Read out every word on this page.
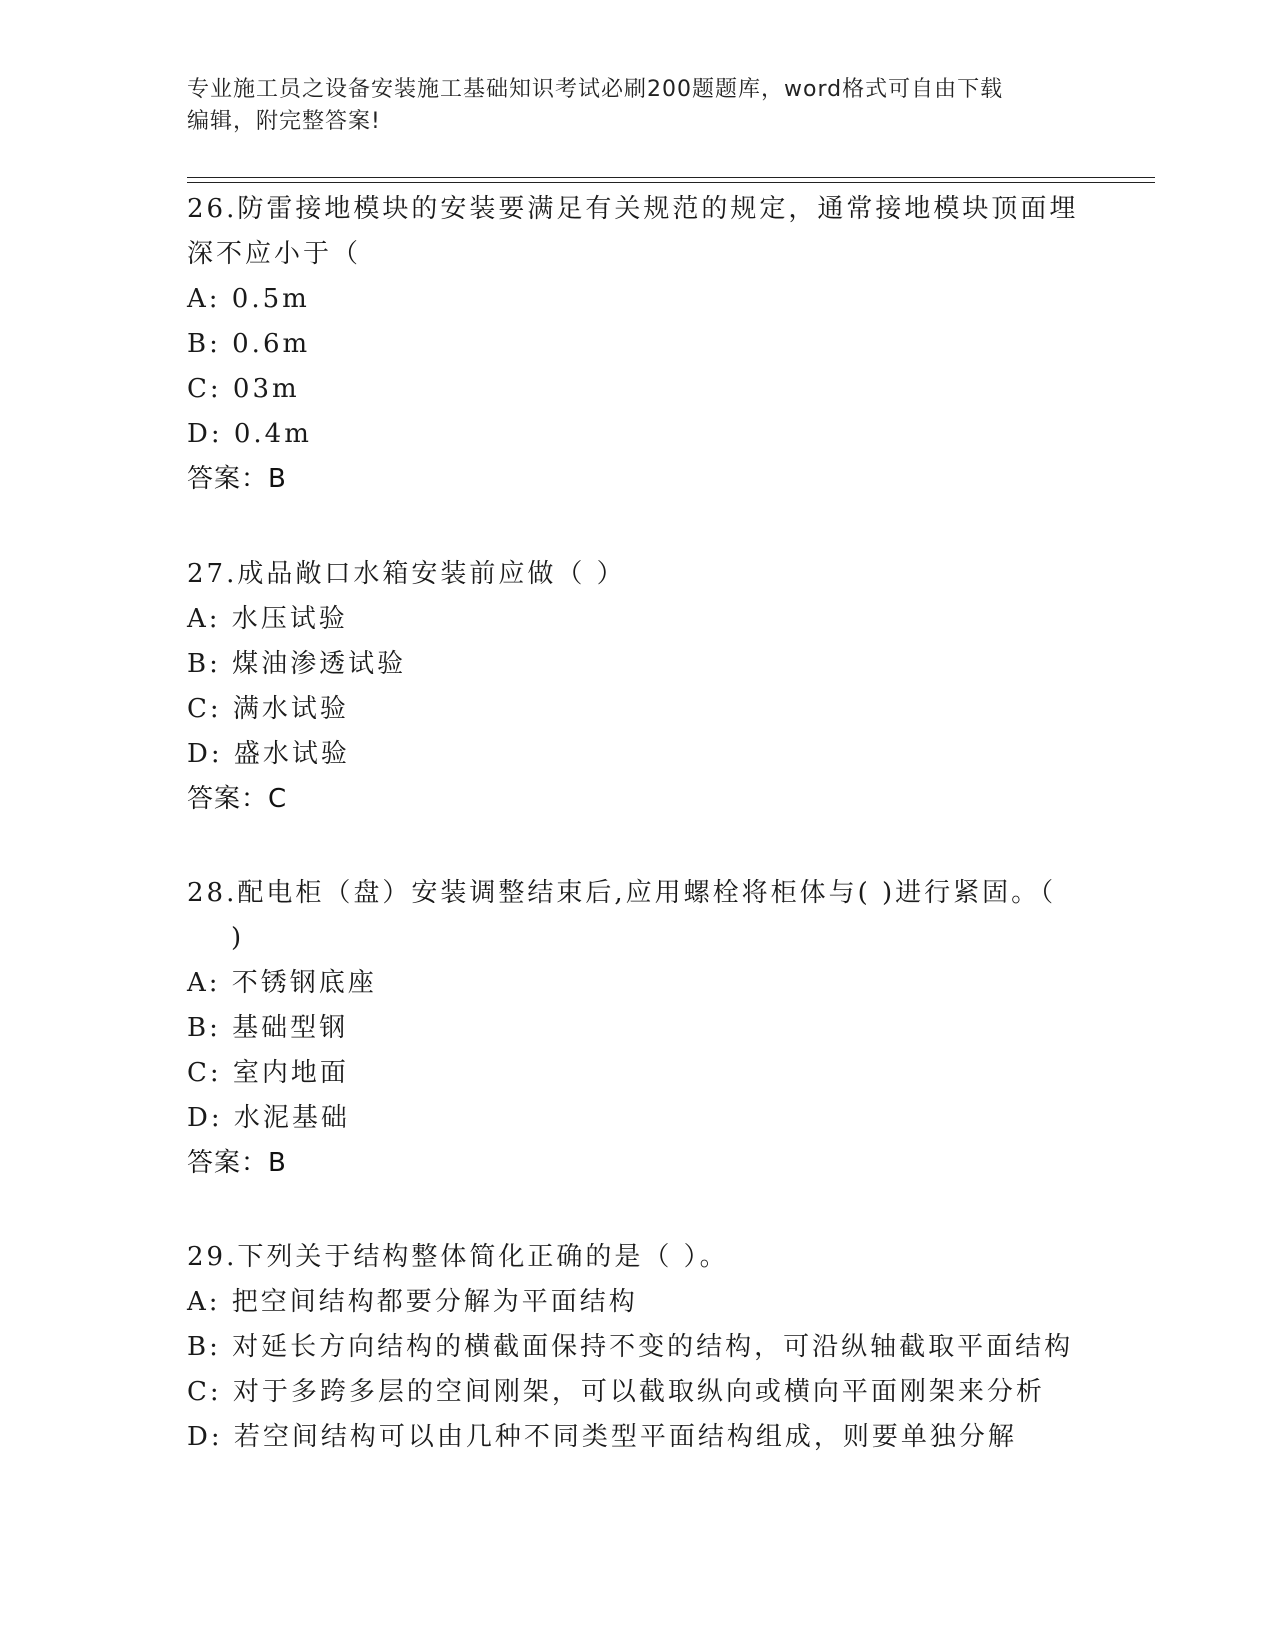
专业施工员之设备安装施工基础知识考试必刷200题题库，word格式可自由下载
编辑，附完整答案!
26.防雷接地模块的安装要满足有关规范的规定，通常接地模块顶面埋
深不应小于（
A: 0.5m
B: 0.6m
C: 03m
D: 0.4m
答案：B
27.成品敞口水箱安装前应做（ ）
A: 水压试验
B: 煤油渗透试验
C: 满水试验
D: 盛水试验
答案：C
28.配电柜（盘）安装调整结束后,应用螺栓将柜体与( )进行紧固。（
)
A: 不锈钢底座
B: 基础型钢
C: 室内地面
D: 水泥基础
答案：B
29.下列关于结构整体简化正确的是（ ）。
A: 把空间结构都要分解为平面结构
B: 对延长方向结构的横截面保持不变的结构，可沿纵轴截取平面结构
C: 对于多跨多层的空间刚架，可以截取纵向或横向平面刚架来分析
D: 若空间结构可以由几种不同类型平面结构组成，则要单独分解
